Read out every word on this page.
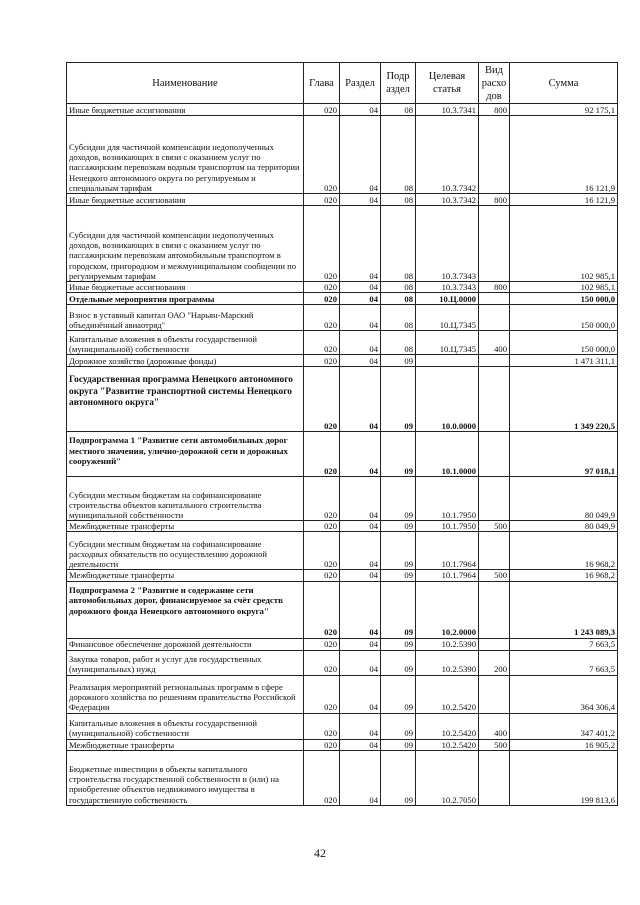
Наименование	Глава	Раздел	Подр аздел	Целевая статья	Вид расхо дов	Сумма
Иные бюджетные ассигнования	020	04	08	10.3.7341	800	92 175,1
Субсидии для частичной компенсации недополученных доходов, возникающих в связи с оказанием услуг по пассажирским перевозкам водным транспортом на территории Ненецкого автономного округа по регулируемым и специальным тарифам	020	04	08	10.3.7342		16 121,9
Иные бюджетные ассигнования	020	04	08	10.3.7342	800	16 121,9
Субсидии для частичной компенсации недополученных доходов, возникающих в связи с оказанием услуг по пассажирским перевозкам автомобильным транспортом в городском, пригородном и межмуниципальном сообщении по регулируемым тарифам	020	04	08	10.3.7343		102 985,1
Иные бюджетные ассигнования	020	04	08	10.3.7343	800	102 985,1
Отдельные мероприятия программы	020	04	08	10.Ц.0000		150 000,0
Взнос в уставный капитал ОАО "Нарьян-Марский объединённый авиаотряд"	020	04	08	10.Ц.7345		150 000,0
Капитальные вложения в объекты государственной (муниципальной) собственности	020	04	08	10.Ц.7345	400	150 000,0
Дорожное хозяйство (дорожные фонды)	020	04	09			1 471 311,1
Государственная программа Ненецкого автономного округа "Развитие транспортной системы Ненецкого автономного округа"	020	04	09	10.0.0000		1 349 220,5
Подпрограмма 1 "Развитие сети автомобильных дорог местного значения, улично-дорожной сети и дорожных сооружений"	020	04	09	10.1.0000		97 018,1
Субсидии местным бюджетам на софинансирование строительства объектов капитального строительства муниципальной собственности	020	04	09	10.1.7950		80 049,9
Межбюджетные трансферты	020	04	09	10.1.7950	500	80 049,9
Субсидии местным бюджетам на софинансирование расходных обязательств по осуществлению дорожной деятельности	020	04	09	10.1.7964		16 968,2
Межбюджетные трансферты	020	04	09	10.1.7964	500	16 968,2
Подпрограмма 2 "Развитие и содержание сети автомобильных дорог, финансируемое за счёт средств дорожного фонда Ненецкого автономного округа"	020	04	09	10.2.0000		1 243 089,3
Финансовое обеспечение дорожной деятельности	020	04	09	10.2.5390		7 663,5
Закупка товаров, работ и услуг для государственных (муниципальных) нужд	020	04	09	10.2.5390	200	7 663,5
Реализация мероприятий региональных программ в сфере дорожного хозяйства по решениям правительства Российской Федерации	020	04	09	10.2.5420		364 306,4
Капитальные вложения в объекты государственной (муниципальной) собственности	020	04	09	10.2.5420	400	347 401,2
Межбюджетные трансферты	020	04	09	10.2.5420	500	16 905,2
Бюджетные инвестиции в объекты капитального строительства государственной собственности и (или) на приобретение объектов недвижимого имущества в государственную собственность	020	04	09	10.2.7050		199 813,6
42
